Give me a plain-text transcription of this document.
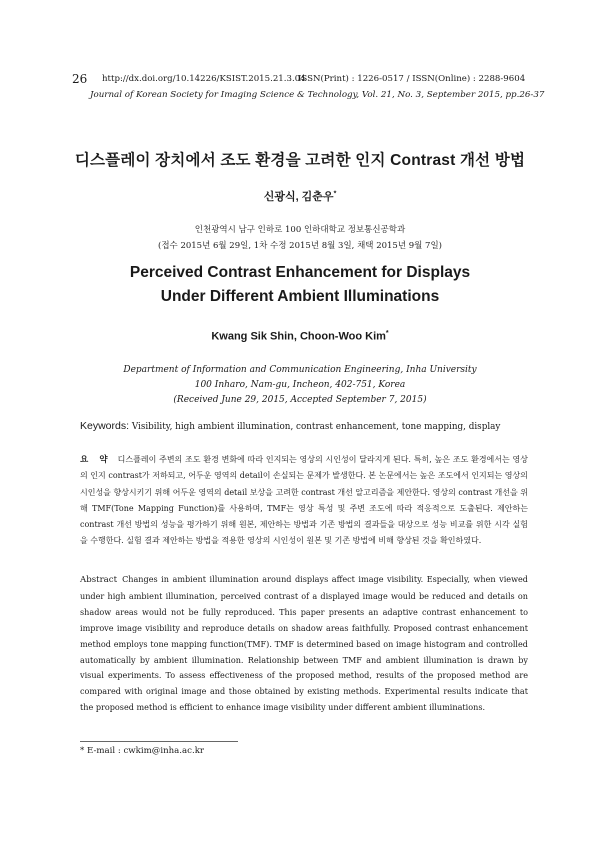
26 http://dx.doi.org/10.14226/KSIST.2015.21.3.04
ISSN(Print) : 1226-0517 / ISSN(Online) : 2288-9604
Journal of Korean Society for Imaging Science & Technology, Vol. 21, No. 3, September 2015, pp.26-37
디스플레이 장치에서 조도 환경을 고려한 인지 Contrast 개선 방법
신광식, 김춘우*
인천광역시 남구 인하로 100 인하대학교 정보통신공학과
(접수 2015년 6월 29일, 1차 수정 2015년 8월 3일, 채택 2015년 9월 7일)
Perceived Contrast Enhancement for Displays
Under Different Ambient Illuminations
Kwang Sik Shin, Choon-Woo Kim*
Department of Information and Communication Engineering, Inha University
100 Inharo, Nam-gu, Incheon, 402-751, Korea
(Received June 29, 2015, Accepted September 7, 2015)
Keywords: Visibility, high ambient illumination, contrast enhancement, tone mapping, display
요 약 디스플레이 주변의 조도 환경 변화에 따라 인지되는 영상의 시인성이 달라지게 된다. 특히, 높은 조도 환경에서는 영상의 인지 contrast가 저하되고, 어두운 영역의 detail이 손실되는 문제가 발생한다. 본 논문에서는 높은 조도에서 인지되는 영상의 시인성을 향상시키기 위해 어두운 영역의 detail 보상을 고려한 contrast 개선 알고리즘을 제안한다. 영상의 contrast 개선을 위해 TMF(Tone Mapping Function)를 사용하며, TMF는 영상 특성 및 주변 조도에 따라 적응적으로 도출된다. 제안하는 contrast 개선 방법의 성능을 평가하기 위해 원본, 제안하는 방법과 기존 방법의 결과들을 대상으로 성능 비교를 위한 시각 실험을 수행한다. 실험 결과 제안하는 방법을 적용한 영상의 시인성이 원본 및 기존 방법에 비해 향상된 것을 확인하였다.
Abstract Changes in ambient illumination around displays affect image visibility. Especially, when viewed under high ambient illumination, perceived contrast of a displayed image would be reduced and details on shadow areas would not be fully reproduced. This paper presents an adaptive contrast enhancement to improve image visibility and reproduce details on shadow areas faithfully. Proposed contrast enhancement method employs tone mapping function(TMF). TMF is determined based on image histogram and controlled automatically by ambient illumination. Relationship between TMF and ambient illumination is drawn by visual experiments. To assess effectiveness of the proposed method, results of the proposed method are compared with original image and those obtained by existing methods. Experimental results indicate that the proposed method is efficient to enhance image visibility under different ambient illuminations.
* E-mail : cwkim@inha.ac.kr
